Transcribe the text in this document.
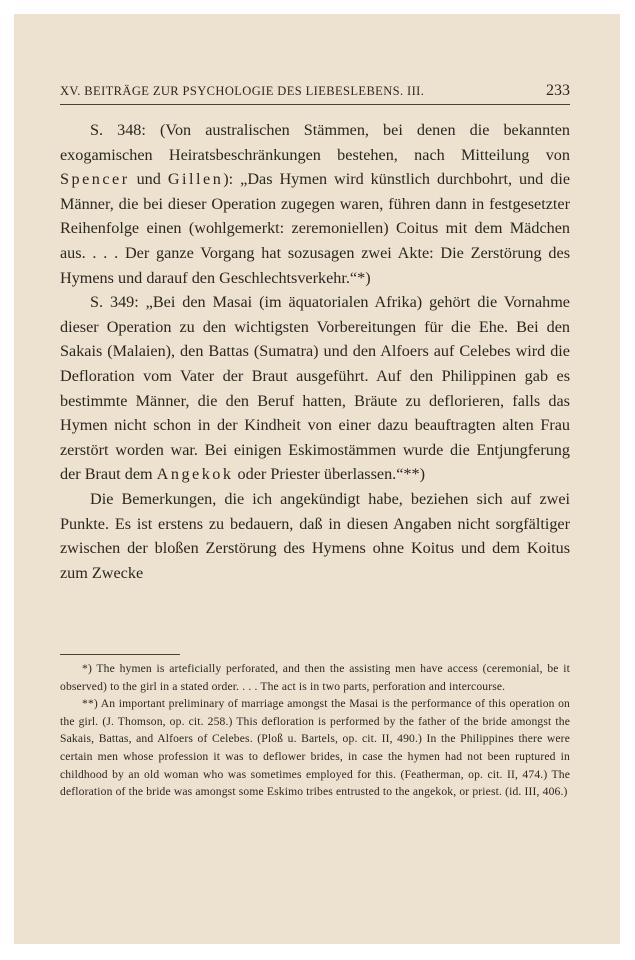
XV. BEITRÄGE ZUR PSYCHOLOGIE DES LIEBESLEBENS. III.	233

S. 348: (Von australischen Stämmen, bei denen die bekannten exogamischen Heiratsbeschränkungen bestehen, nach Mitteilung von Spencer und Gillen): „Das Hymen wird künstlich durchbohrt, und die Männer, die bei dieser Operation zugegen waren, führen dann in festgesetzter Reihenfolge einen (wohlgemerkt: zeremoniellen) Coitus mit dem Mädchen aus. . . . Der ganze Vorgang hat sozusagen zwei Akte: Die Zerstörung des Hymens und darauf den Geschlechtsverkehr.“*)

S. 349: „Bei den Masai (im äquatorialen Afrika) gehört die Vornahme dieser Operation zu den wichtigsten Vorbereitungen für die Ehe. Bei den Sakais (Malaien), den Battas (Sumatra) und den Alfoers auf Celebes wird die Defloration vom Vater der Braut ausgeführt. Auf den Philippinen gab es bestimmte Männer, die den Beruf hatten, Bräute zu deflorieren, falls das Hymen nicht schon in der Kindheit von einer dazu beauftragten alten Frau zerstört worden war. Bei einigen Eskimostämmen wurde die Entjungferung der Braut dem Angekok oder Priester überlassen.“**)

Die Bemerkungen, die ich angekündigt habe, beziehen sich auf zwei Punkte. Es ist erstens zu bedauern, daß in diesen Angaben nicht sorgfältiger zwischen der bloßen Zerstörung des Hymens ohne Koitus und dem Koitus zum Zwecke

*) The hymen is arteficially perforated, and then the assisting men have access (ceremonial, be it observed) to the girl in a stated order. . . . The act is in two parts, perforation and intercourse.

**) An important preliminary of marriage amongst the Masai is the performance of this operation on the girl. (J. Thomson, op. cit. 258.) This defloration is performed by the father of the bride amongst the Sakais, Battas, and Alfoers of Celebes. (Ploß u. Bartels, op. cit. II, 490.) In the Philippines there were certain men whose profession it was to deflower brides, in case the hymen had not been ruptured in childhood by an old woman who was sometimes employed for this. (Featherman, op. cit. II, 474.) The defloration of the bride was amongst some Eskimo tribes entrusted to the angekok, or priest. (id. III, 406.)
